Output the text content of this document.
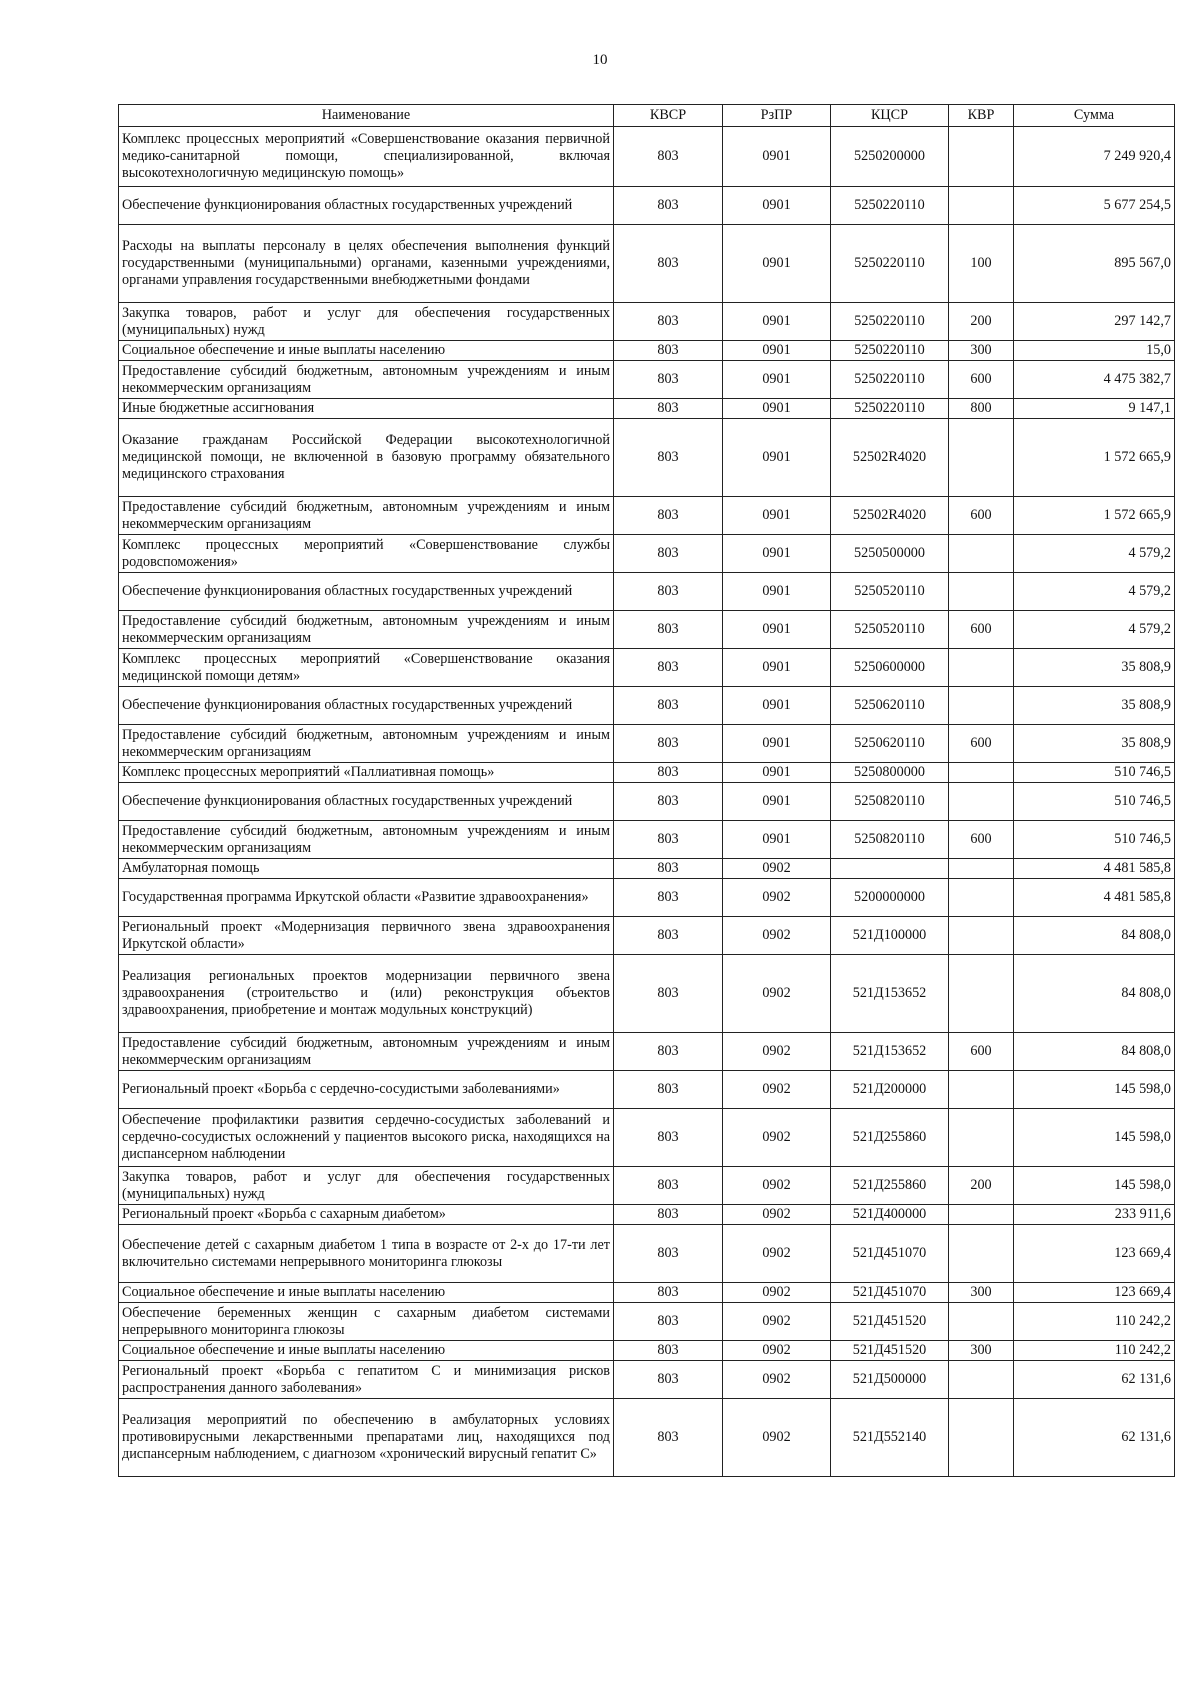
10
Наименование	КВСР	РзПР	КЦСР	КВР	Сумма
Комплекс процессных мероприятий «Совершенствование оказания первичной медико-санитарной помощи, специализированной, включая высокотехнологичную медицинскую помощь»	803	0901	5250200000		7 249 920,4
Обеспечение функционирования областных государственных учреждений	803	0901	5250220110		5 677 254,5
Расходы на выплаты персоналу в целях обеспечения выполнения функций государственными (муниципальными) органами, казенными учреждениями, органами управления государственными внебюджетными фондами	803	0901	5250220110	100	895 567,0
Закупка товаров, работ и услуг для обеспечения государственных (муниципальных) нужд	803	0901	5250220110	200	297 142,7
Социальное обеспечение и иные выплаты населению	803	0901	5250220110	300	15,0
Предоставление субсидий бюджетным, автономным учреждениям и иным некоммерческим организациям	803	0901	5250220110	600	4 475 382,7
Иные бюджетные ассигнования	803	0901	5250220110	800	9 147,1
Оказание гражданам Российской Федерации высокотехнологичной медицинской помощи, не включенной в базовую программу обязательного медицинского страхования	803	0901	52502R4020		1 572 665,9
Предоставление субсидий бюджетным, автономным учреждениям и иным некоммерческим организациям	803	0901	52502R4020	600	1 572 665,9
Комплекс процессных мероприятий «Совершенствование службы родовспоможения»	803	0901	5250500000		4 579,2
Обеспечение функционирования областных государственных учреждений	803	0901	5250520110		4 579,2
Предоставление субсидий бюджетным, автономным учреждениям и иным некоммерческим организациям	803	0901	5250520110	600	4 579,2
Комплекс процессных мероприятий «Совершенствование оказания медицинской помощи детям»	803	0901	5250600000		35 808,9
Обеспечение функционирования областных государственных учреждений	803	0901	5250620110		35 808,9
Предоставление субсидий бюджетным, автономным учреждениям и иным некоммерческим организациям	803	0901	5250620110	600	35 808,9
Комплекс процессных мероприятий «Паллиативная помощь»	803	0901	5250800000		510 746,5
Обеспечение функционирования областных государственных учреждений	803	0901	5250820110		510 746,5
Предоставление субсидий бюджетным, автономным учреждениям и иным некоммерческим организациям	803	0901	5250820110	600	510 746,5
Амбулаторная помощь	803	0902			4 481 585,8
Государственная программа Иркутской области «Развитие здравоохранения»	803	0902	5200000000		4 481 585,8
Региональный проект «Модернизация первичного звена здравоохранения Иркутской области»	803	0902	521Д100000		84 808,0
Реализация региональных проектов модернизации первичного звена здравоохранения (строительство и (или) реконструкция объектов здравоохранения, приобретение и монтаж модульных конструкций)	803	0902	521Д153652		84 808,0
Предоставление субсидий бюджетным, автономным учреждениям и иным некоммерческим организациям	803	0902	521Д153652	600	84 808,0
Региональный проект «Борьба с сердечно-сосудистыми заболеваниями»	803	0902	521Д200000		145 598,0
Обеспечение профилактики развития сердечно-сосудистых заболеваний и сердечно-сосудистых осложнений у пациентов высокого риска, находящихся на диспансерном наблюдении	803	0902	521Д255860		145 598,0
Закупка товаров, работ и услуг для обеспечения государственных (муниципальных) нужд	803	0902	521Д255860	200	145 598,0
Региональный проект «Борьба с сахарным диабетом»	803	0902	521Д400000		233 911,6
Обеспечение детей с сахарным диабетом 1 типа в возрасте от 2-х до 17-ти лет включительно системами непрерывного мониторинга глюкозы	803	0902	521Д451070		123 669,4
Социальное обеспечение и иные выплаты населению	803	0902	521Д451070	300	123 669,4
Обеспечение беременных женщин с сахарным диабетом системами непрерывного мониторинга глюкозы	803	0902	521Д451520		110 242,2
Социальное обеспечение и иные выплаты населению	803	0902	521Д451520	300	110 242,2
Региональный проект «Борьба с гепатитом С и минимизация рисков распространения данного заболевания»	803	0902	521Д500000		62 131,6
Реализация мероприятий по обеспечению в амбулаторных условиях противовирусными лекарственными препаратами лиц, находящихся под диспансерным наблюдением, с диагнозом «хронический вирусный гепатит С»	803	0902	521Д552140		62 131,6
